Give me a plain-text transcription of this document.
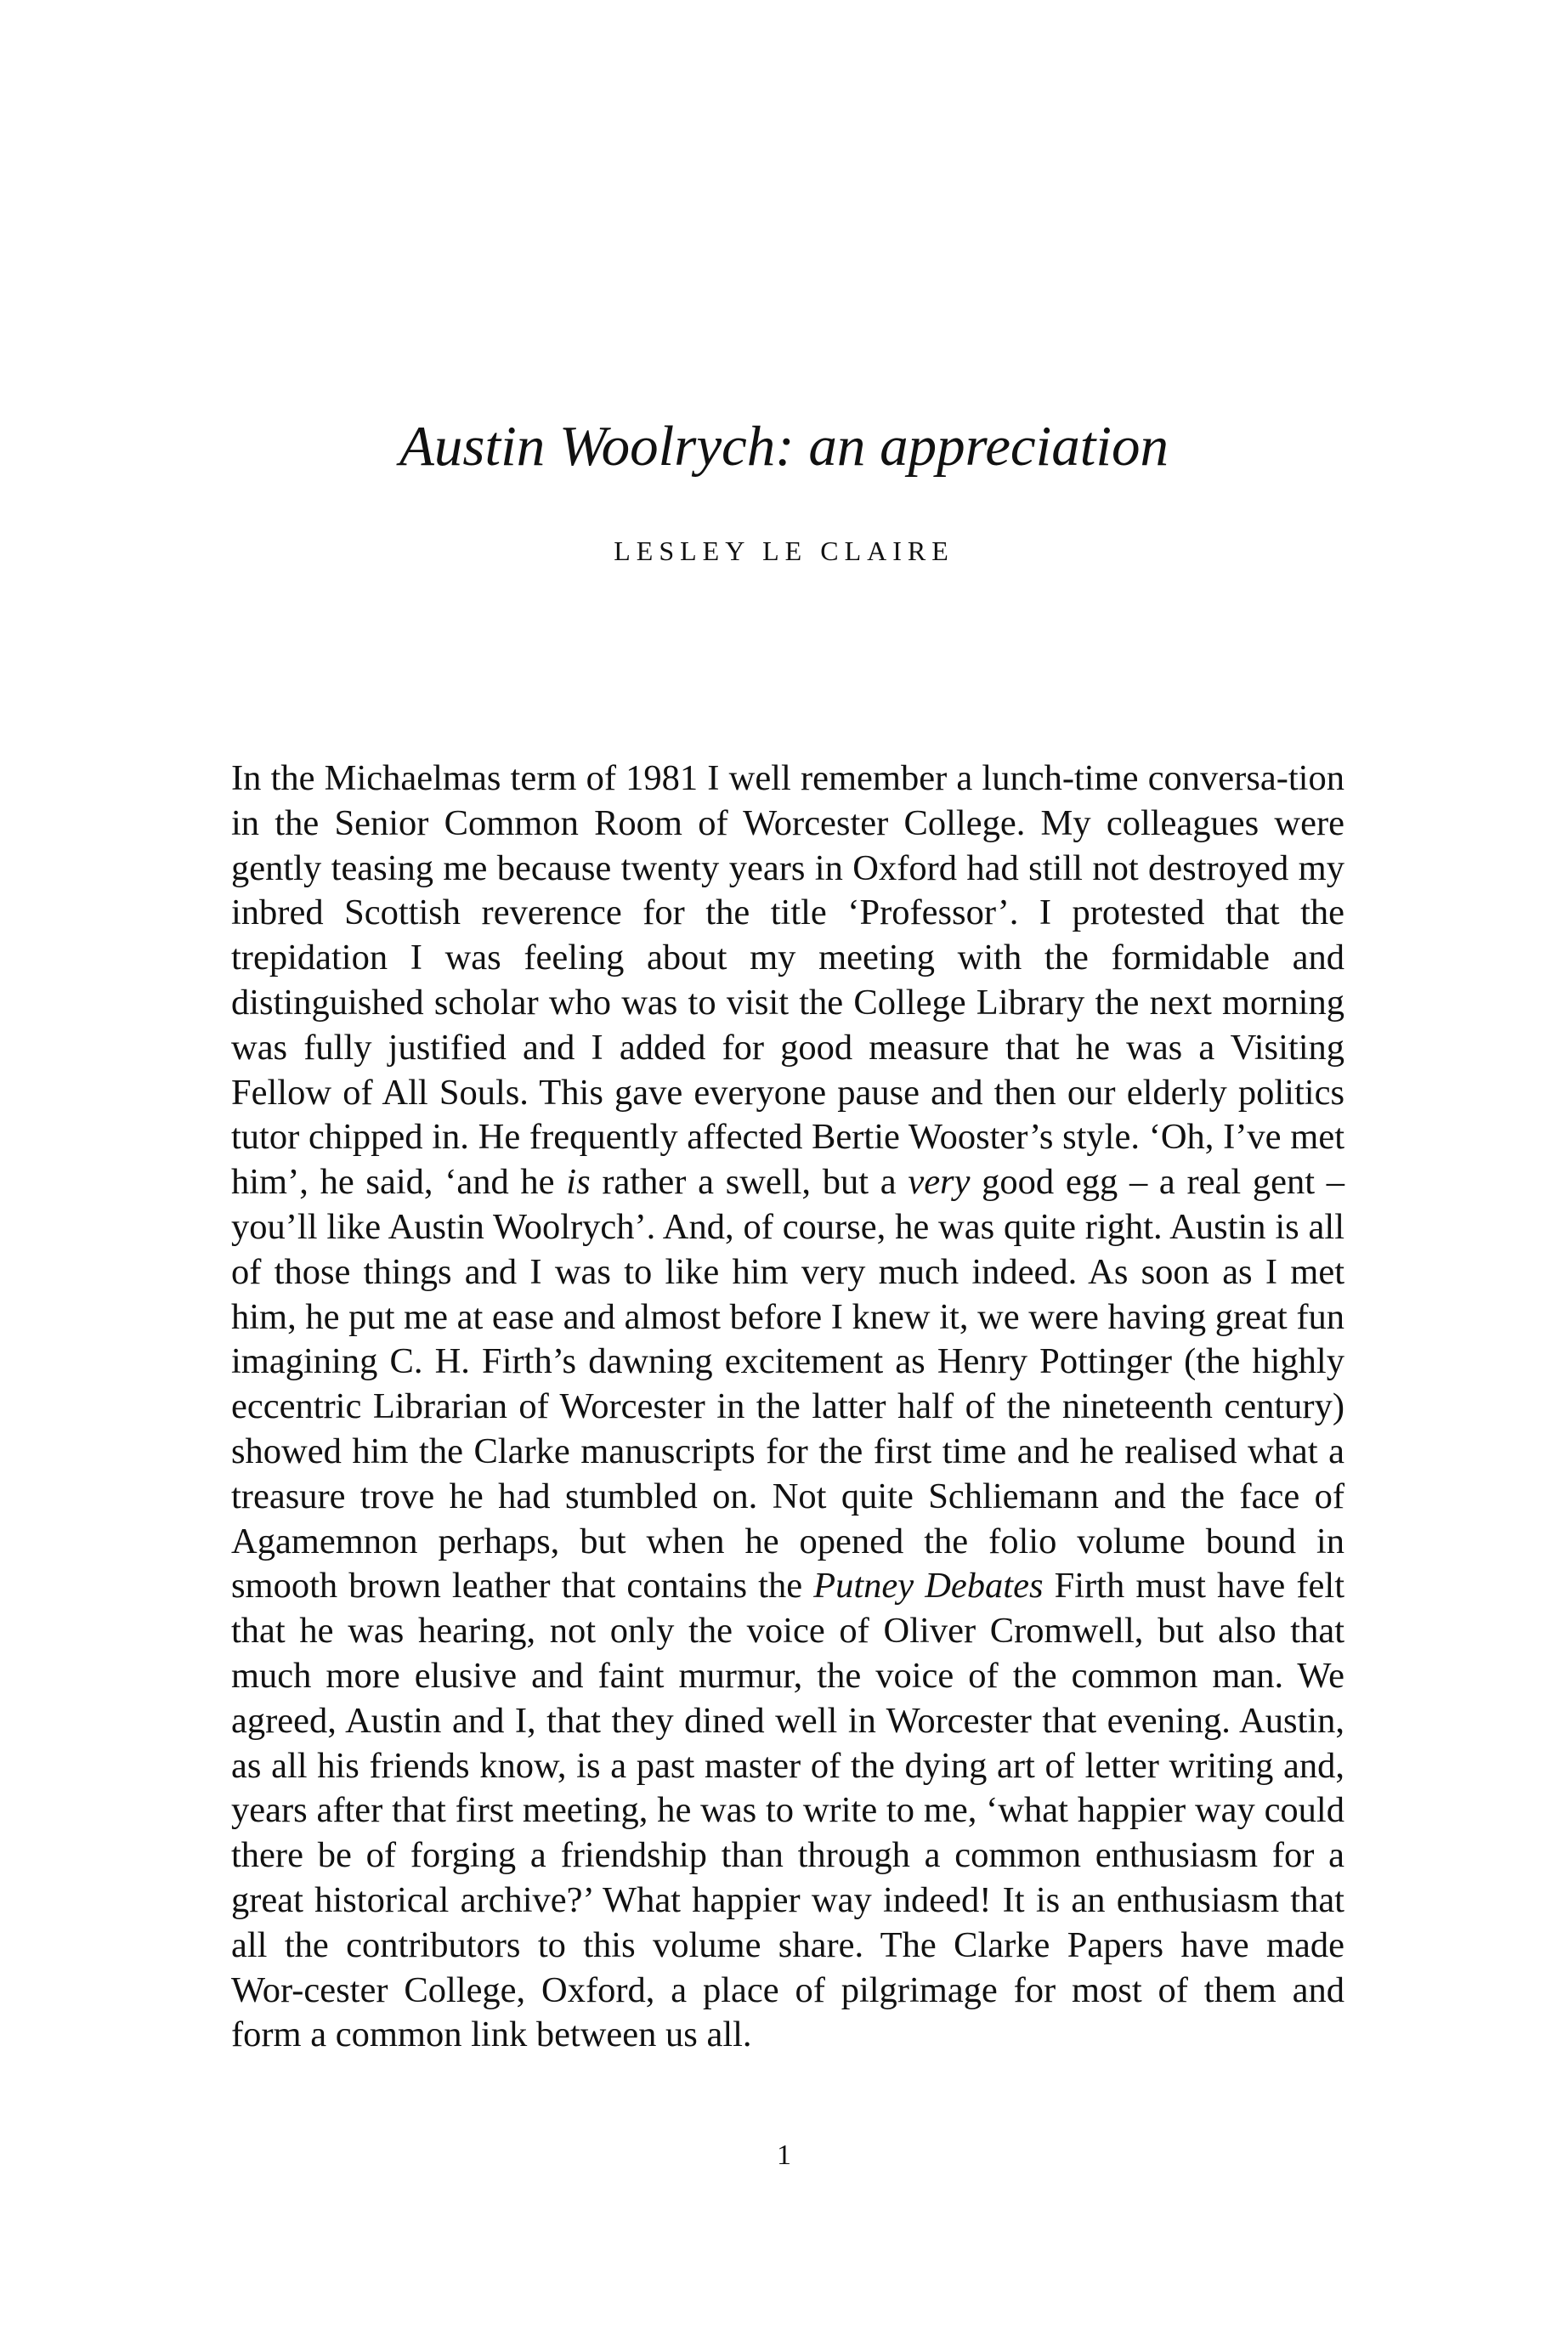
Austin Woolrych: an appreciation
LESLEY LE CLAIRE

In the Michaelmas term of 1981 I well remember a lunch-time conversa-tion in the Senior Common Room of Worcester College. My colleagues were gently teasing me because twenty years in Oxford had still not destroyed my inbred Scottish reverence for the title ‘Professor’. I protested that the trepidation I was feeling about my meeting with the formidable and distinguished scholar who was to visit the College Library the next morning was fully justified and I added for good measure that he was a Visiting Fellow of All Souls. This gave everyone pause and then our elderly politics tutor chipped in. He frequently affected Bertie Wooster’s style. ‘Oh, I’ve met him’, he said, ‘and he is rather a swell, but a very good egg – a real gent – you’ll like Austin Woolrych’. And, of course, he was quite right. Austin is all of those things and I was to like him very much indeed. As soon as I met him, he put me at ease and almost before I knew it, we were having great fun imagining C. H. Firth’s dawning excitement as Henry Pottinger (the highly eccentric Librarian of Worcester in the latter half of the nineteenth century) showed him the Clarke manuscripts for the first time and he realised what a treasure trove he had stumbled on. Not quite Schliemann and the face of Agamemnon perhaps, but when he opened the folio volume bound in smooth brown leather that contains the Putney Debates Firth must have felt that he was hearing, not only the voice of Oliver Cromwell, but also that much more elusive and faint murmur, the voice of the common man. We agreed, Austin and I, that they dined well in Worcester that evening. Austin, as all his friends know, is a past master of the dying art of letter writing and, years after that first meeting, he was to write to me, ‘what happier way could there be of forging a friendship than through a common enthusiasm for a great historical archive?’ What happier way indeed! It is an enthusiasm that all the contributors to this volume share. The Clarke Papers have made Wor-cester College, Oxford, a place of pilgrimage for most of them and form a common link between us all.

1
